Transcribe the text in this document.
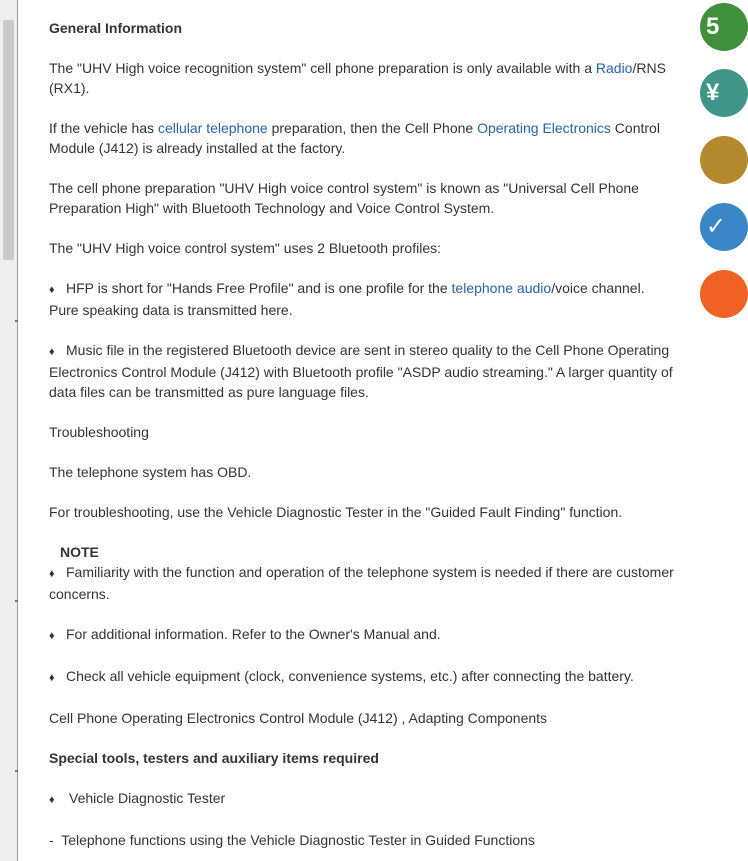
General Information

The "UHV High voice recognition system" cell phone preparation is only available with a Radio/RNS (RX1).

If the vehicle has cellular telephone preparation, then the Cell Phone Operating Electronics Control Module (J412) is already installed at the factory.

The cell phone preparation "UHV High voice control system" is known as "Universal Cell Phone Preparation High" with Bluetooth Technology and Voice Control System.

The "UHV High voice control system" uses 2 Bluetooth profiles:

♦ HFP is short for "Hands Free Profile" and is one profile for the telephone audio/voice channel. Pure speaking data is transmitted here.

♦ Music file in the registered Bluetooth device are sent in stereo quality to the Cell Phone Operating Electronics Control Module (J412) with Bluetooth profile "ASDP audio streaming." A larger quantity of data files can be transmitted as pure language files.

Troubleshooting

The telephone system has OBD.

For troubleshooting, use the Vehicle Diagnostic Tester in the "Guided Fault Finding" function.

NOTE

♦ Familiarity with the function and operation of the telephone system is needed if there are customer concerns.

♦ For additional information. Refer to the Owner's Manual and.

♦ Check all vehicle equipment (clock, convenience systems, etc.) after connecting the battery.

Cell Phone Operating Electronics Control Module (J412) , Adapting Components

Special tools, testers and auxiliary items required

♦ Vehicle Diagnostic Tester

- Telephone functions using the Vehicle Diagnostic Tester in Guided Functions

5
¥
✓
